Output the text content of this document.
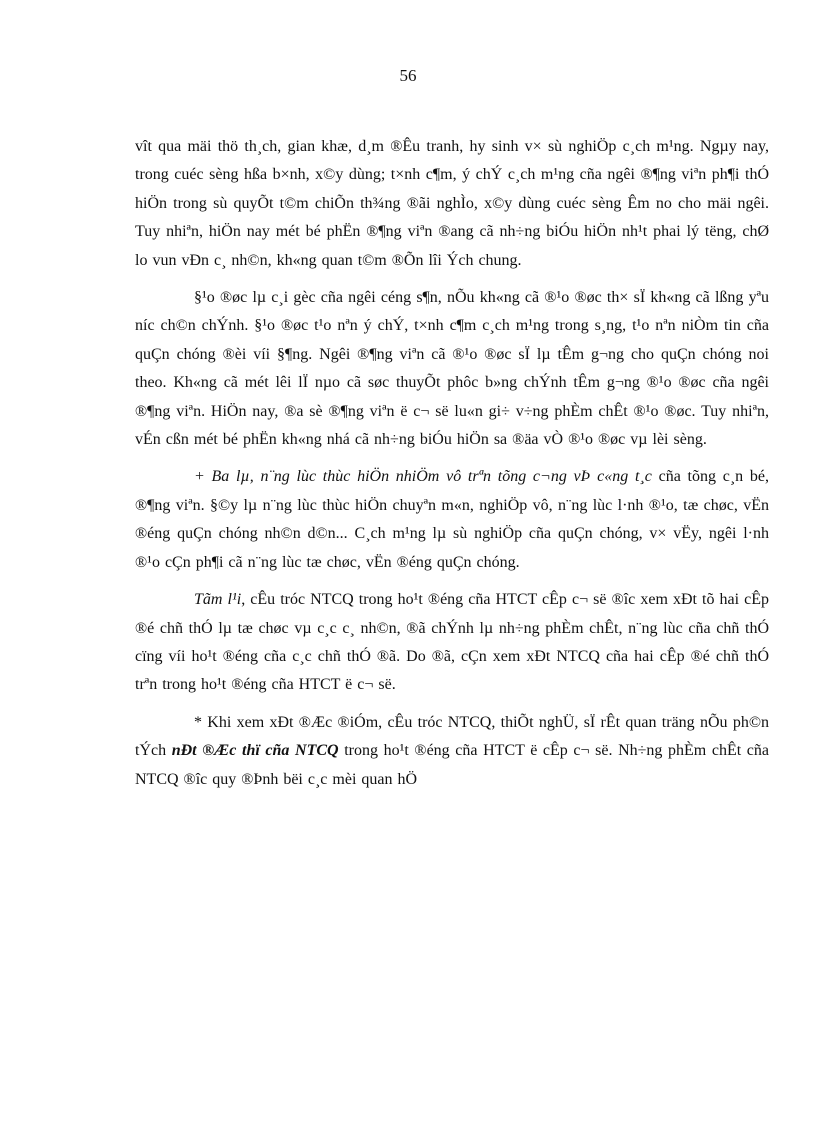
56

vît qua mäi thö th¸ch, gian khæ, d¸m ®Êu tranh, hy sinh v× sù nghiÖp c¸ch m¹ng. Ngµy nay, trong cuéc sèng hßa b×nh, x©y dùng; t×nh c¶m, ý chÝ c¸ch m¹ng cña ngêi ®¶ng viªn ph¶i thÓ hiÖn trong sù quyÕt t©m chiÕn th¾ng ®ãi nghÌo, x©y dùng cuéc sèng Êm no cho mäi ngêi. Tuy nhiªn, hiÖn nay mét bé phËn ®¶ng viªn ®ang cã nh÷ng biÓu hiÖn nh¹t phai lý tëng, chØ lo vun vÐn c¸ nh©n, kh«ng quan t©m ®Õn lîi Ých chung.

§¹o ®øc lµ c¸i gèc cña ngêi céng s¶n, nÕu kh«ng cã ®¹o ®øc th× sÏ kh«ng cã lßng yªu níc ch©n chÝnh. §¹o ®øc t¹o nªn ý chÝ, t×nh c¶m c¸ch m¹ng trong s¸ng, t¹o nªn niÒm tin cña quÇn chóng ®èi víi §¶ng. Ngêi ®¶ng viªn cã ®¹o ®øc sÏ lµ tÊm g¬ng cho quÇn chóng noi theo. Kh«ng cã mét lêi lÏ nµo cã søc thuyÕt phôc b»ng chÝnh tÊm g¬ng ®¹o ®øc cña ngêi ®¶ng viªn. HiÖn nay, ®a sè ®¶ng viªn ë c¬ së lu«n gi÷ v÷ng phÈm chÊt ®¹o ®øc. Tuy nhiªn, vÉn cßn mét bé phËn kh«ng nhá cã nh÷ng biÓu hiÖn sa ®äa vÒ ®¹o ®øc vµ lèi sèng.

+ Ba lµ, n¨ng lùc thùc hiÖn nhiÖm vô trªn tõng c¬ng vÞ c«ng t¸c cña tõng c¸n bé, ®¶ng viªn. §©y lµ n¨ng lùc thùc hiÖn chuyªn m«n, nghiÖp vô, n¨ng lùc l·nh ®¹o, tæ chøc, vËn ®éng quÇn chóng nh©n d©n... C¸ch m¹ng lµ sù nghiÖp cña quÇn chóng, v× vËy, ngêi l·nh ®¹o cÇn ph¶i cã n¨ng lùc tæ chøc, vËn ®éng quÇn chóng.

Tãm l¹i, cÊu tróc NTCQ trong ho¹t ®éng cña HTCT cÊp c¬ së ®îc xem xÐt tõ hai cÊp ®é chñ thÓ lµ tæ chøc vµ c¸c c¸ nh©n, ®ã chÝnh lµ nh÷ng phÈm chÊt, n¨ng lùc cña chñ thÓ cïng víi ho¹t ®éng cña c¸c chñ thÓ ®ã. Do ®ã, cÇn xem xÐt NTCQ cña hai cÊp ®é chñ thÓ trªn trong ho¹t ®éng cña HTCT ë c¬ së.

* Khi xem xÐt ®Æc ®iÓm, cÊu tróc NTCQ, thiÕt nghÜ, sÏ rÊt quan träng nÕu ph©n tÝch nÐt ®Æc thï cña NTCQ trong ho¹t ®éng cña HTCT ë cÊp c¬ së. Nh÷ng phÈm chÊt cña NTCQ ®îc quy ®Þnh bëi c¸c mèi quan hÖ
